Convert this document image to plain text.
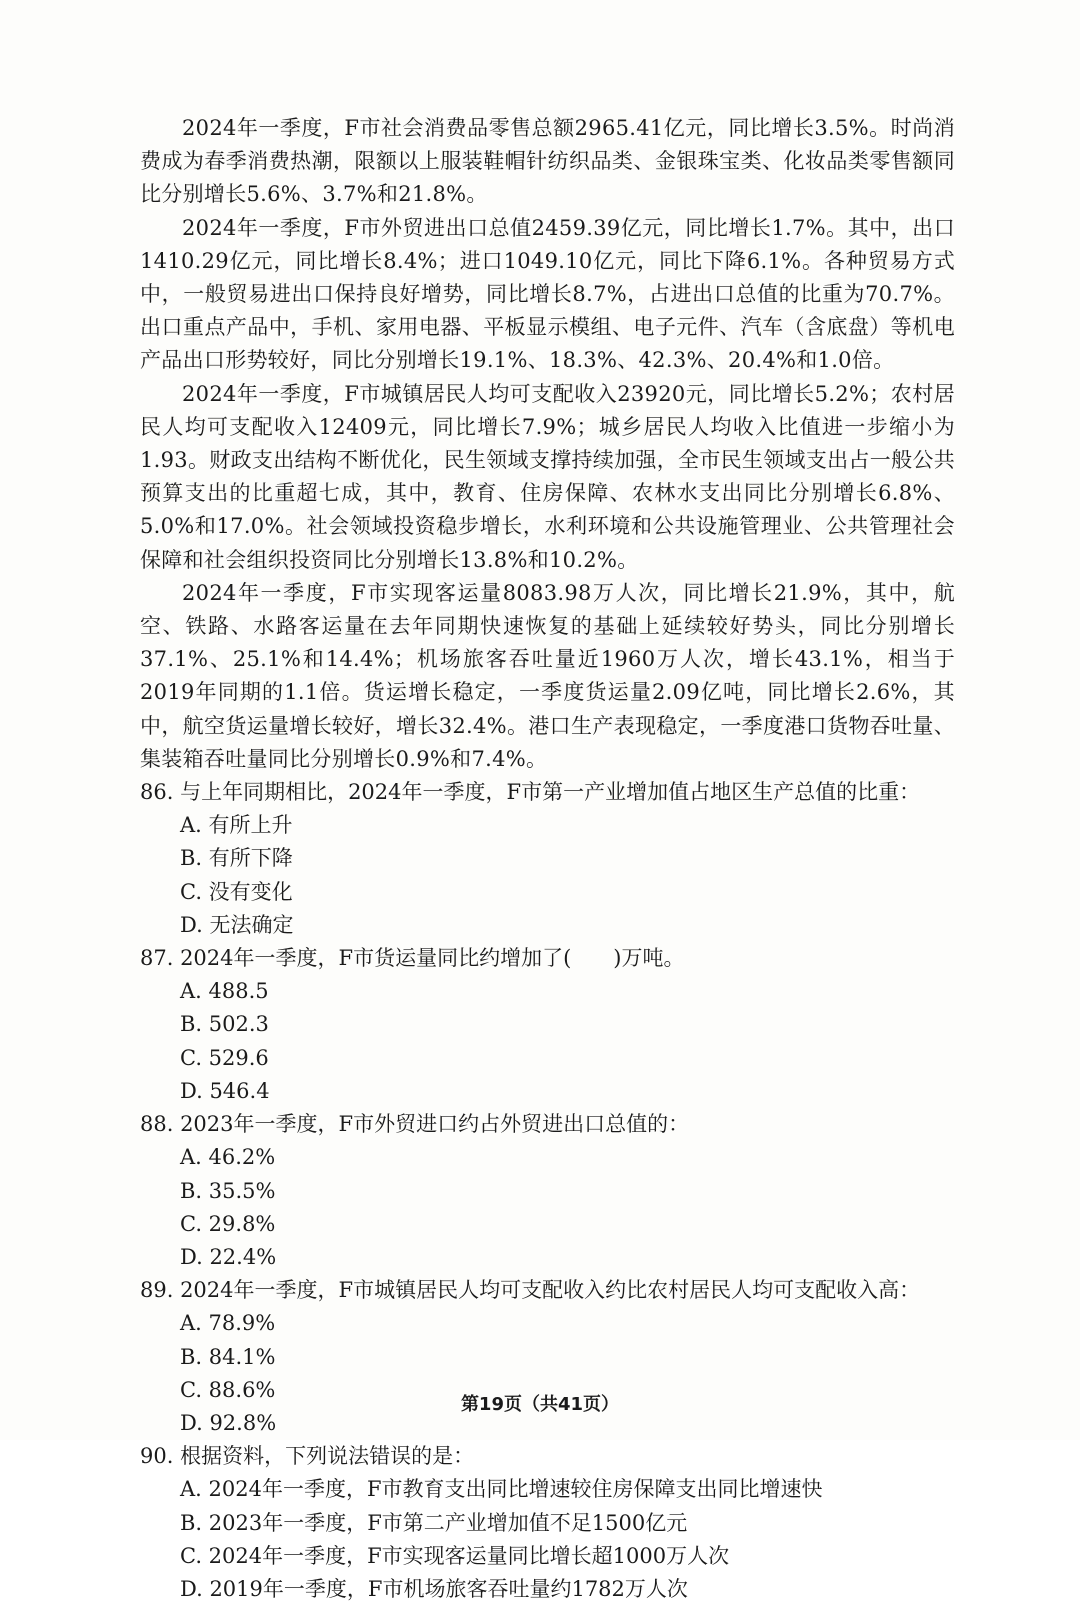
2024年一季度，F市社会消费品零售总额2965.41亿元，同比增长3.5%。时尚消费成为春季消费热潮，限额以上服装鞋帽针纺织品类、金银珠宝类、化妆品类零售额同比分别增长5.6%、3.7%和21.8%。

2024年一季度，F市外贸进出口总值2459.39亿元，同比增长1.7%。其中，出口1410.29亿元，同比增长8.4%；进口1049.10亿元，同比下降6.1%。各种贸易方式中，一般贸易进出口保持良好增势，同比增长8.7%，占进出口总值的比重为70.7%。出口重点产品中，手机、家用电器、平板显示模组、电子元件、汽车（含底盘）等机电产品出口形势较好，同比分别增长19.1%、18.3%、42.3%、20.4%和1.0倍。

2024年一季度，F市城镇居民人均可支配收入23920元，同比增长5.2%；农村居民人均可支配收入12409元，同比增长7.9%；城乡居民人均收入比值进一步缩小为1.93。财政支出结构不断优化，民生领域支撑持续加强，全市民生领域支出占一般公共预算支出的比重超七成，其中，教育、住房保障、农林水支出同比分别增长6.8%、5.0%和17.0%。社会领域投资稳步增长，水利环境和公共设施管理业、公共管理社会保障和社会组织投资同比分别增长13.8%和10.2%。

2024年一季度，F市实现客运量8083.98万人次，同比增长21.9%，其中，航空、铁路、水路客运量在去年同期快速恢复的基础上延续较好势头，同比分别增长37.1%、25.1%和14.4%；机场旅客吞吐量近1960万人次，增长43.1%，相当于2019年同期的1.1倍。货运增长稳定，一季度货运量2.09亿吨，同比增长2.6%，其中，航空货运量增长较好，增长32.4%。港口生产表现稳定，一季度港口货物吞吐量、集装箱吞吐量同比分别增长0.9%和7.4%。

86. 与上年同期相比，2024年一季度，F市第一产业增加值占地区生产总值的比重：

A. 有所上升
B. 有所下降
C. 没有变化
D. 无法确定

87. 2024年一季度，F市货运量同比约增加了(　　)万吨。

A. 488.5
B. 502.3
C. 529.6
D. 546.4

88. 2023年一季度，F市外贸进口约占外贸进出口总值的：

A. 46.2%
B. 35.5%
C. 29.8%
D. 22.4%

89. 2024年一季度，F市城镇居民人均可支配收入约比农村居民人均可支配收入高：

A. 78.9%
B. 84.1%
C. 88.6%
D. 92.8%

90. 根据资料，下列说法错误的是：

A. 2024年一季度，F市教育支出同比增速较住房保障支出同比增速快
B. 2023年一季度，F市第二产业增加值不足1500亿元
C. 2024年一季度，F市实现客运量同比增长超1000万人次
D. 2019年一季度，F市机场旅客吞吐量约1782万人次
第19页（共41页）
